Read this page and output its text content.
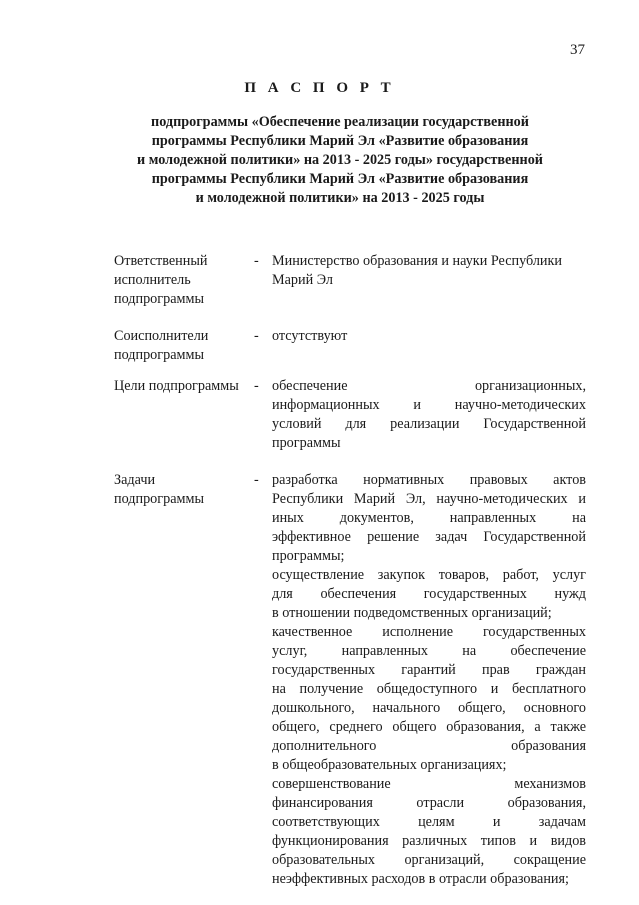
37
П А С П О Р Т
подпрограммы «Обеспечение реализации государственной
программы Республики Марий Эл «Развитие образования
и молодежной политики» на 2013 - 2025 годы» государственной
программы Республики Марий Эл «Развитие образования
и молодежной политики» на 2013 - 2025 годы
Ответственный
исполнитель
подпрограммы
- Министерство образования и науки Республики
Марий Эл
Соисполнители
подпрограммы
- отсутствуют
Цели подпрограммы	- обеспечение организационных,
информационных и научно-методических
условий для реализации Государственной
программы
Задачи
подпрограммы
- разработка нормативных правовых актов
Республики Марий Эл, научно-методических и
иных документов, направленных на
эффективное решение задач Государственной
программы;
осуществление закупок товаров, работ, услуг
для обеспечения государственных нужд
в отношении подведомственных организаций;
качественное исполнение государственных
услуг, направленных на обеспечение
государственных гарантий прав граждан
на получение общедоступного и бесплатного
дошкольного, начального общего, основного
общего, среднего общего образования, а также
дополнительного образования
в общеобразовательных организациях;
совершенствование механизмов
финансирования отрасли образования,
соответствующих целям и задачам
функционирования различных типов и видов
образовательных организаций, сокращение
неэффективных расходов в отрасли образования;
